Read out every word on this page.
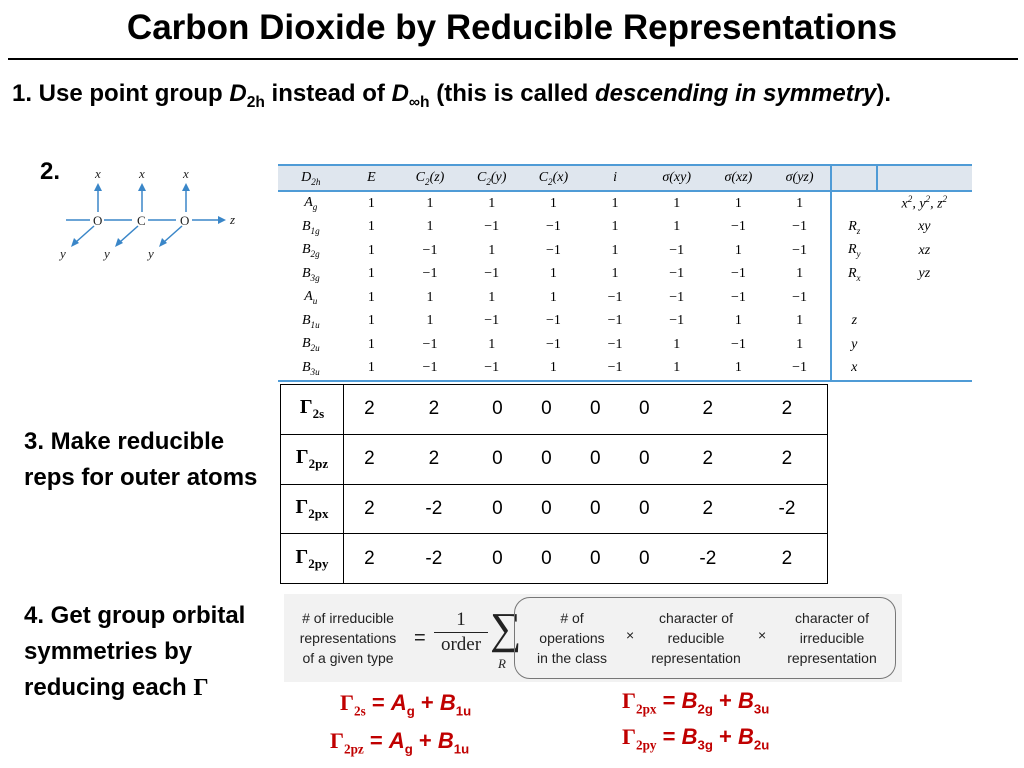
Carbon Dioxide by Reducible Representations
1. Use point group $D_{2h}$ instead of $D_{\infty h}$ (this is called descending in symmetry).
2.
O	C	O
x	x	x
y	y	y
z
$D_{2h}$	E	$C_2(z)$	$C_2(y)$	$C_2(x)$	i	σ(xy)	σ(xz)	σ(yz)		
$A_g$	1	1	1	1	1	1	1	1		$x^2$, $y^2$, $z^2$
$B_{1g}$	1	1	−1	−1	1	1	−1	−1	$R_z$	xy
$B_{2g}$	1	−1	1	−1	1	−1	1	−1	$R_y$	xz
$B_{3g}$	1	−1	−1	1	1	−1	−1	1	$R_x$	yz
$A_u$	1	1	1	1	−1	−1	−1	−1		
$B_{1u}$	1	1	−1	−1	−1	−1	1	1	z	
$B_{2u}$	1	−1	1	−1	−1	1	−1	1	y	
$B_{3u}$	1	−1	−1	1	−1	1	1	−1	x	
$\Gamma_{2s}$	2	2	0	0	0	0	2	2
$\Gamma_{2pz}$	2	2	0	0	0	0	2	2
$\Gamma_{2px}$	2	-2	0	0	0	0	2	-2
$\Gamma_{2py}$	2	-2	0	0	0	0	-2	2
3. Make reducible reps for outer atoms
4. Get group orbital symmetries by reducing each Γ
# of irreducible
representations
of a given type
=
1
order ∑
R
# of
operations
in the class
×
character of
reducible
representation
×
character of
irreducible
representation
$\Gamma_{2s} = A_g + B_{1u}$
$\Gamma_{2pz} = A_g + B_{1u}$
$\Gamma_{2px} = B_{2g} + B_{3u}$
$\Gamma_{2py} = B_{3g} + B_{2u}$
